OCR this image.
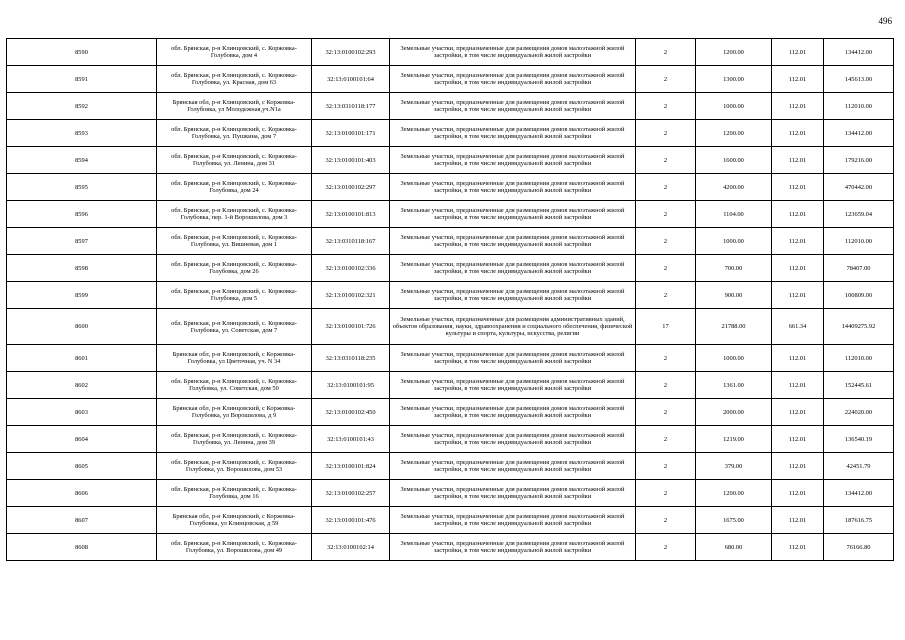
496
8590	обл. Брянская, р-н Клинцовский, с. Коржовка-Голубовка, дом 4	32:13:0100102:293	Земельные участки, предназначенные для размещения домов малоэтажной жилой застройки, в том числе индивидуальной жилой застройки	2	1200.00	112.01	134412.00
8591	обл. Брянская, р-н Клинцовский, с. Коржовка-Голубовка, ул. Красная, дом 63	32:13:0100101:64	Земельные участки, предназначенные для размещения домов малоэтажной жилой застройки, в том числе индивидуальной жилой застройки	2	1300.00	112.01	145613.00
8592	Брянская обл, р-н Клинцовский, с Коржовка-Голубовка, ул Молодежная,уч.N1а	32:13:0310118:177	Земельные участки, предназначенные для размещения домов малоэтажной жилой застройки, в том числе индивидуальной жилой застройки	2	1000.00	112.01	112010.00
8593	обл. Брянская, р-н Клинцовский, с. Коржовка-Голубовка, ул. Пушкина, дом 7	32:13:0100101:171	Земельные участки, предназначенные для размещения домов малоэтажной жилой застройки, в том числе индивидуальной жилой застройки	2	1200.00	112.01	134412.00
8594	обл. Брянская, р-н Клинцовский, с. Коржовка-Голубовка, ул. Ленина, дом 31	32:13:0100101:403	Земельные участки, предназначенные для размещения домов малоэтажной жилой застройки, в том числе индивидуальной жилой застройки	2	1600.00	112.01	179216.00
8595	обл. Брянская, р-н Клинцовский, с. Коржовка-Голубовка, дом 24	32:13:0100102:297	Земельные участки, предназначенные для размещения домов малоэтажной жилой застройки, в том числе индивидуальной жилой застройки	2	4200.00	112.01	470442.00
8596	обл. Брянская, р-н Клинцовский, с. Коржовка-Голубовка, пер. 1-й Ворошилова, дом 3	32:13:0100101:813	Земельные участки, предназначенные для размещения домов малоэтажной жилой застройки, в том числе индивидуальной жилой застройки	2	1104.00	112.01	123659.04
8597	обл. Брянская, р-н Клинцовский, с. Коржовка-Голубовка, ул. Вишневая, дом 1	32:13:0310118:167	Земельные участки, предназначенные для размещения домов малоэтажной жилой застройки, в том числе индивидуальной жилой застройки	2	1000.00	112.01	112010.00
8598	обл. Брянская, р-н Клинцовский, с. Коржовка-Голубовка, дом 26	32:13:0100102:336	Земельные участки, предназначенные для размещения домов малоэтажной жилой застройки, в том числе индивидуальной жилой застройки	2	700.00	112.01	78407.00
8599	обл. Брянская, р-н Клинцовский, с. Коржовка-Голубовка, дом 5	32:13:0100102:321	Земельные участки, предназначенные для размещения домов малоэтажной жилой застройки, в том числе индивидуальной жилой застройки	2	900.00	112.01	100809.00
8600	обл. Брянская, р-н Клинцовский, с. Коржовка-Голубовка, ул. Советская, дом 7	32:13:0100101:726	Земельные участки, предназначенные для размещения административных зданий, объектов образования, науки, здравоохранения и социального обеспечения, физической культуры и спорта, культуры, искусства, религии	17	21788.00	661.34	14409275.92
8601	Брянская обл, р-н Клинцовский, с Коржовка-Голубовка, ул Цветочная, уч. N 34	32:13:0310118:235	Земельные участки, предназначенные для размещения домов малоэтажной жилой застройки, в том числе индивидуальной жилой застройки	2	1000.00	112.01	112010.00
8602	обл. Брянская, р-н Клинцовский, с. Коржовка-Голубовка, ул. Советская, дом 50	32:13:0100101:95	Земельные участки, предназначенные для размещения домов малоэтажной жилой застройки, в том числе индивидуальной жилой застройки	2	1361.00	112.01	152445.61
8603	Брянская обл, р-н Клинцовский, с Коржовка-Голубовка, ул Ворошилова, д 9	32:13:0100102:450	Земельные участки, предназначенные для размещения домов малоэтажной жилой застройки, в том числе индивидуальной жилой застройки	2	2000.00	112.01	224020.00
8604	обл. Брянская, р-н Клинцовский, с. Коржовка-Голубовка, ул. Ленина, дом 39	32:13:0100101:43	Земельные участки, предназначенные для размещения домов малоэтажной жилой застройки, в том числе индивидуальной жилой застройки	2	1219.00	112.01	136540.19
8605	обл. Брянская, р-н Клинцовский, с. Коржовка-Голубовка, ул. Ворошилова, дом 53	32:13:0100101:824	Земельные участки, предназначенные для размещения домов малоэтажной жилой застройки, в том числе индивидуальной жилой застройки	2	379.00	112.01	42451.79
8606	обл. Брянская, р-н Клинцовский, с. Коржовка-Голубовка, дом 16	32:13:0100102:257	Земельные участки, предназначенные для размещения домов малоэтажной жилой застройки, в том числе индивидуальной жилой застройки	2	1200.00	112.01	134412.00
8607	Брянская обл, р-н Клинцовский, с Коржовка-Голубовка, ул Клинцовская, д 59	32:13:0100101:476	Земельные участки, предназначенные для размещения домов малоэтажной жилой застройки, в том числе индивидуальной жилой застройки	2	1675.00	112.01	187616.75
8608	обл. Брянская, р-н Клинцовский, с. Коржовка-Голубовка, ул. Ворошилова, дом 49	32:13:0100102:14	Земельные участки, предназначенные для размещения домов малоэтажной жилой застройки, в том числе индивидуальной жилой застройки	2	680.00	112.01	76166.80
